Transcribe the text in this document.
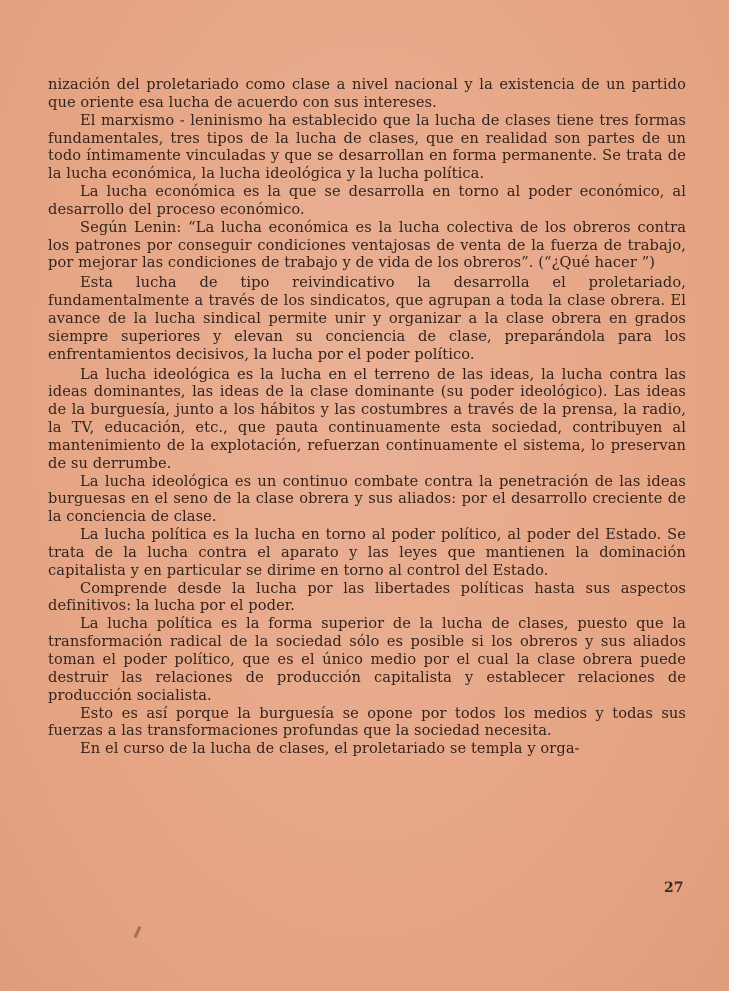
nización del proletariado como clase a nivel nacional y la existencia de un partido que oriente esa lucha de acuerdo con sus intereses.

El marxismo - leninismo ha establecido que la lucha de clases tiene tres formas fundamentales, tres tipos de la lucha de clases, que en realidad son partes de un todo íntimamente vinculadas y que se desarrollan en forma permanente. Se trata de la lucha económica, la lucha ideológica y la lucha política.

La lucha económica es la que se desarrolla en torno al poder económico, al desarrollo del proceso económico.

Según Lenin: “La lucha económica es la lucha colectiva de los obreros contra los patrones por conseguir condiciones ventajosas de venta de la fuerza de trabajo, por mejorar las condiciones de trabajo y de vida de los obreros”. (“¿Qué hacer ”)

Esta lucha de tipo reivindicativo la desarrolla el proletariado, fundamentalmente a través de los sindicatos, que agrupan a toda la clase obrera. El avance de la lucha sindical permite unir y organizar a la clase obrera en grados siempre superiores y elevan su conciencia de clase, preparándola para los enfrentamientos decisivos, la lucha por el poder político.

La lucha ideológica es la lucha en el terreno de las ideas, la lucha contra las ideas dominantes, las ideas de la clase dominante (su poder ideológico). Las ideas de la burguesía, junto a los hábitos y las costumbres a través de la prensa, la radio, la TV, educación, etc., que pauta continuamente esta sociedad, contribuyen al mantenimiento de la explotación, refuerzan continuamente el sistema, lo preservan de su derrumbe.

La lucha ideológica es un continuo combate contra la penetración de las ideas burguesas en el seno de la clase obrera y sus aliados: por el desarrollo creciente de la conciencia de clase.

La lucha política es la lucha en torno al poder político, al poder del Estado. Se trata de la lucha contra el aparato y las leyes que mantienen la dominación capitalista y en particular se dirime en torno al control del Estado.

Comprende desde la lucha por las libertades políticas hasta sus aspectos definitivos: la lucha por el poder.

La lucha política es la forma superior de la lucha de clases, puesto que la transformación radical de la sociedad sólo es posible si los obreros y sus aliados toman el poder político, que es el único medio por el cual la clase obrera puede destruir las relaciones de producción capitalista y establecer relaciones de producción socialista.

Esto es así porque la burguesía se opone por todos los medios y todas sus fuerzas a las transformaciones profundas que la sociedad necesita.

En el curso de la lucha de clases, el proletariado se templa y orga-

27
